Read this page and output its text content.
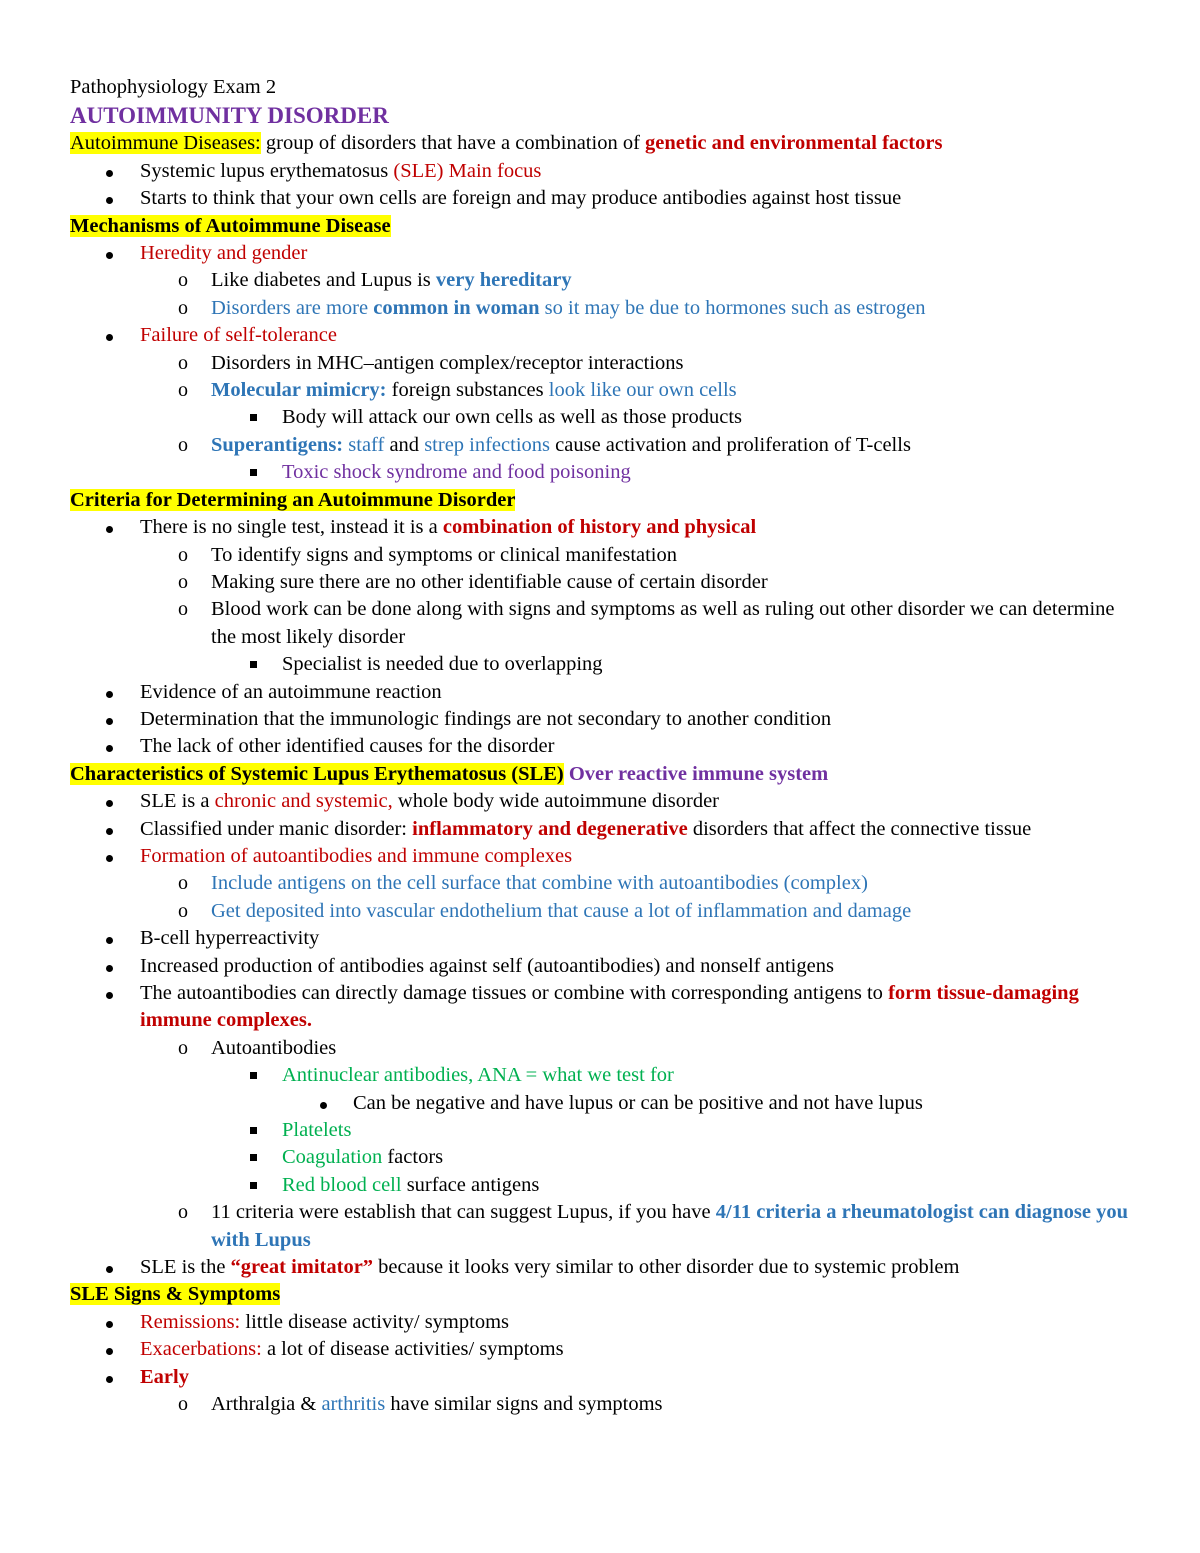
Pathophysiology Exam 2
AUTOIMMUNITY DISORDER
Autoimmune Diseases: group of disorders that have a combination of genetic and environmental factors
Systemic lupus erythematosus (SLE) Main focus
Starts to think that your own cells are foreign and may produce antibodies against host tissue
Mechanisms of Autoimmune Disease
Heredity and gender
o Like diabetes and Lupus is very hereditary
o Disorders are more common in woman so it may be due to hormones such as estrogen
Failure of self-tolerance
o Disorders in MHC–antigen complex/receptor interactions
o Molecular mimicry: foreign substances look like our own cells
Body will attack our own cells as well as those products
o Superantigens: staff and strep infections cause activation and proliferation of T-cells
Toxic shock syndrome and food poisoning
Criteria for Determining an Autoimmune Disorder
There is no single test, instead it is a combination of history and physical
o To identify signs and symptoms or clinical manifestation
o Making sure there are no other identifiable cause of certain disorder
o Blood work can be done along with signs and symptoms as well as ruling out other disorder we can determine the most likely disorder
Specialist is needed due to overlapping
Evidence of an autoimmune reaction
Determination that the immunologic findings are not secondary to another condition
The lack of other identified causes for the disorder
Characteristics of Systemic Lupus Erythematosus (SLE) Over reactive immune system
SLE is a chronic and systemic, whole body wide autoimmune disorder
Classified under manic disorder: inflammatory and degenerative disorders that affect the connective tissue
Formation of autoantibodies and immune complexes
o Include antigens on the cell surface that combine with autoantibodies (complex)
o Get deposited into vascular endothelium that cause a lot of inflammation and damage
B-cell hyperreactivity
Increased production of antibodies against self (autoantibodies) and nonself antigens
The autoantibodies can directly damage tissues or combine with corresponding antigens to form tissue-damaging immune complexes.
o Autoantibodies
Antinuclear antibodies, ANA = what we test for
Can be negative and have lupus or can be positive and not have lupus
Platelets
Coagulation factors
Red blood cell surface antigens
o 11 criteria were establish that can suggest Lupus, if you have 4/11 criteria a rheumatologist can diagnose you with Lupus
SLE is the “great imitator” because it looks very similar to other disorder due to systemic problem
SLE Signs & Symptoms
Remissions: little disease activity/ symptoms
Exacerbations: a lot of disease activities/ symptoms
Early
o Arthralgia & arthritis have similar signs and symptoms
